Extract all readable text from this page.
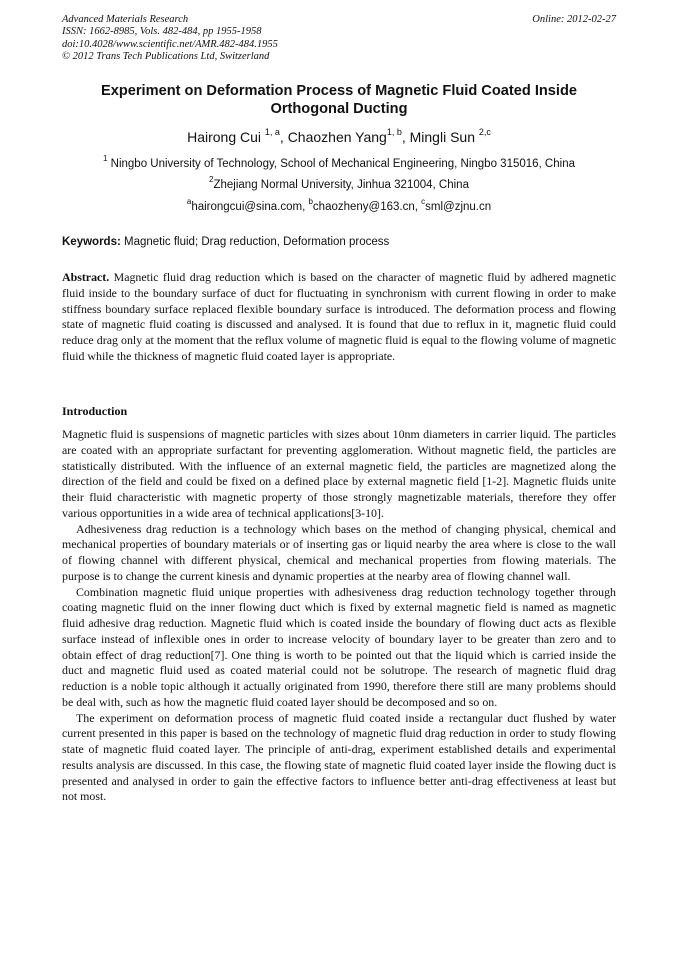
Advanced Materials Research
ISSN: 1662-8985, Vols. 482-484, pp 1955-1958
doi:10.4028/www.scientific.net/AMR.482-484.1955
© 2012 Trans Tech Publications Ltd, Switzerland
Online: 2012-02-27
Experiment on Deformation Process of Magnetic Fluid Coated Inside
Orthogonal Ducting
Hairong Cui $^{1, a}$, Chaozhen Yang$^{1, b}$, Mingli Sun $^{2,c}$
$^1$ Ningbo University of Technology, School of Mechanical Engineering, Ningbo 315016, China
$^2$Zhejiang Normal University, Jinhua 321004, China
$^a$hairongcui@sina.com, $^b$chaozheny@163.cn, $^c$sml@zjnu.cn
Keywords: Magnetic fluid; Drag reduction, Deformation process

Abstract. Magnetic fluid drag reduction which is based on the character of magnetic fluid by adhered magnetic fluid inside to the boundary surface of duct for fluctuating in synchronism with current flowing in order to make stiffness boundary surface replaced flexible boundary surface is introduced. The deformation process and flowing state of magnetic fluid coating is discussed and analysed. It is found that due to reflux in it, magnetic fluid could reduce drag only at the moment that the reflux volume of magnetic fluid is equal to the flowing volume of magnetic fluid while the thickness of magnetic fluid coated layer is appropriate.

Introduction

Magnetic fluid is suspensions of magnetic particles with sizes about 10nm diameters in carrier liquid. The particles are coated with an appropriate surfactant for preventing agglomeration. Without magnetic field, the particles are statistically distributed. With the influence of an external magnetic field, the particles are magnetized along the direction of the field and could be fixed on a defined place by external magnetic field [1-2]. Magnetic fluids unite their fluid characteristic with magnetic property of those strongly magnetizable materials, therefore they offer various opportunities in a wide area of technical applications[3-10].

Adhesiveness drag reduction is a technology which bases on the method of changing physical, chemical and mechanical properties of boundary materials or of inserting gas or liquid nearby the area where is close to the wall of flowing channel with different physical, chemical and mechanical properties from flowing materials. The purpose is to change the current kinesis and dynamic properties at the nearby area of flowing channel wall.

Combination magnetic fluid unique properties with adhesiveness drag reduction technology together through coating magnetic fluid on the inner flowing duct which is fixed by external magnetic field is named as magnetic fluid adhesive drag reduction. Magnetic fluid which is coated inside the boundary of flowing duct acts as flexible surface instead of inflexible ones in order to increase velocity of boundary layer to be greater than zero and to obtain effect of drag reduction[7]. One thing is worth to be pointed out that the liquid which is carried inside the duct and magnetic fluid used as coated material could not be solutrope. The research of magnetic fluid drag reduction is a noble topic although it actually originated from 1990, therefore there still are many problems should be deal with, such as how the magnetic fluid coated layer should be decomposed and so on.

The experiment on deformation process of magnetic fluid coated inside a rectangular duct flushed by water current presented in this paper is based on the technology of magnetic fluid drag reduction in order to study flowing state of magnetic fluid coated layer. The principle of anti-drag, experiment established details and experimental results analysis are discussed. In this case, the flowing state of magnetic fluid coated layer inside the flowing duct is presented and analysed in order to gain the effective factors to influence better anti-drag effectiveness at least but not most.
